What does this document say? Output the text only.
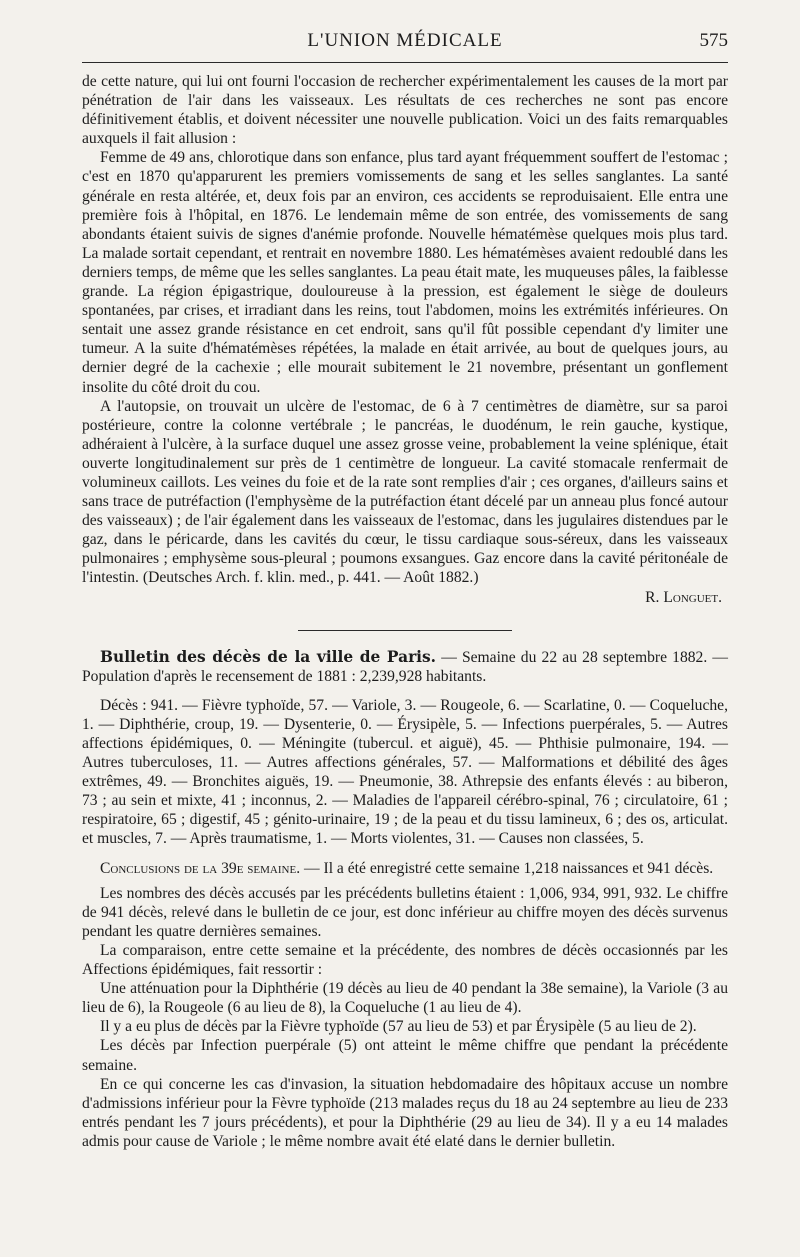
L'UNION MÉDICALE	575

de cette nature, qui lui ont fourni l'occasion de rechercher expérimentalement les causes de la mort par pénétration de l'air dans les vaisseaux. Les résultats de ces recherches ne sont pas encore définitivement établis, et doivent nécessiter une nouvelle publication. Voici un des faits remarquables auxquels il fait allusion :

Femme de 49 ans, chlorotique dans son enfance, plus tard ayant fréquemment souffert de l'estomac ; c'est en 1870 qu'apparurent les premiers vomissements de sang et les selles sanglantes. La santé générale en resta altérée, et, deux fois par an environ, ces accidents se reproduisaient. Elle entra une première fois à l'hôpital, en 1876. Le lendemain même de son entrée, des vomissements de sang abondants étaient suivis de signes d'anémie profonde. Nouvelle hématémèse quelques mois plus tard. La malade sortait cependant, et rentrait en novembre 1880. Les hématémèses avaient redoublé dans les derniers temps, de même que les selles sanglantes. La peau était mate, les muqueuses pâles, la faiblesse grande. La région épigastrique, douloureuse à la pression, est également le siège de douleurs spontanées, par crises, et irradiant dans les reins, tout l'abdomen, moins les extrémités inférieures. On sentait une assez grande résistance en cet endroit, sans qu'il fût possible cependant d'y limiter une tumeur. A la suite d'hématémèses répétées, la malade en était arrivée, au bout de quelques jours, au dernier degré de la cachexie ; elle mourait subitement le 21 novembre, présentant un gonflement insolite du côté droit du cou.

A l'autopsie, on trouvait un ulcère de l'estomac, de 6 à 7 centimètres de diamètre, sur sa paroi postérieure, contre la colonne vertébrale ; le pancréas, le duodénum, le rein gauche, kystique, adhéraient à l'ulcère, à la surface duquel une assez grosse veine, probablement la veine splénique, était ouverte longitudinalement sur près de 1 centimètre de longueur. La cavité stomacale renfermait de volumineux caillots. Les veines du foie et de la rate sont remplies d'air ; ces organes, d'ailleurs sains et sans trace de putréfaction (l'emphysème de la putréfaction étant décelé par un anneau plus foncé autour des vaisseaux) ; de l'air également dans les vaisseaux de l'estomac, dans les jugulaires distendues par le gaz, dans le péricarde, dans les cavités du cœur, le tissu cardiaque sous-séreux, dans les vaisseaux pulmonaires ; emphysème sous-pleural ; poumons exsangues. Gaz encore dans la cavité péritonéale de l'intestin. (Deutsches Arch. f. klin. med., p. 441. — Août 1882.)

R. Longuet.

Bulletin des décès de la ville de Paris. — Semaine du 22 au 28 septembre 1882. — Population d'après le recensement de 1881 : 2,239,928 habitants.

Décès : 941. — Fièvre typhoïde, 57. — Variole, 3. — Rougeole, 6. — Scarlatine, 0. — Coqueluche, 1. — Diphthérie, croup, 19. — Dysenterie, 0. — Érysipèle, 5. — Infections puerpérales, 5. — Autres affections épidémiques, 0. — Méningite (tubercul. et aiguë), 45. — Phthisie pulmonaire, 194. — Autres tuberculoses, 11. — Autres affections générales, 57. — Malformations et débilité des âges extrêmes, 49. — Bronchites aiguës, 19. — Pneumonie, 38. Athrepsie des enfants élevés : au biberon, 73 ; au sein et mixte, 41 ; inconnus, 2. — Maladies de l'appareil cérébro-spinal, 76 ; circulatoire, 61 ; respiratoire, 65 ; digestif, 45 ; génito-urinaire, 19 ; de la peau et du tissu lamineux, 6 ; des os, articulat. et muscles, 7. — Après traumatisme, 1. — Morts violentes, 31. — Causes non classées, 5.

Conclusions de la 39e semaine. — Il a été enregistré cette semaine 1,218 naissances et 941 décès.

Les nombres des décès accusés par les précédents bulletins étaient : 1,006, 934, 991, 932. Le chiffre de 941 décès, relevé dans le bulletin de ce jour, est donc inférieur au chiffre moyen des décès survenus pendant les quatre dernières semaines.

La comparaison, entre cette semaine et la précédente, des nombres de décès occasionnés par les Affections épidémiques, fait ressortir :

Une atténuation pour la Diphthérie (19 décès au lieu de 40 pendant la 38e semaine), la Variole (3 au lieu de 6), la Rougeole (6 au lieu de 8), la Coqueluche (1 au lieu de 4).

Il y a eu plus de décès par la Fièvre typhoïde (57 au lieu de 53) et par Érysipèle (5 au lieu de 2).

Les décès par Infection puerpérale (5) ont atteint le même chiffre que pendant la précédente semaine.

En ce qui concerne les cas d'invasion, la situation hebdomadaire des hôpitaux accuse un nombre d'admissions inférieur pour la Fèvre typhoïde (213 malades reçus du 18 au 24 septembre au lieu de 233 entrés pendant les 7 jours précédents), et pour la Diphthérie (29 au lieu de 34). Il y a eu 14 malades admis pour cause de Variole ; le même nombre avait été elaté dans le dernier bulletin.
